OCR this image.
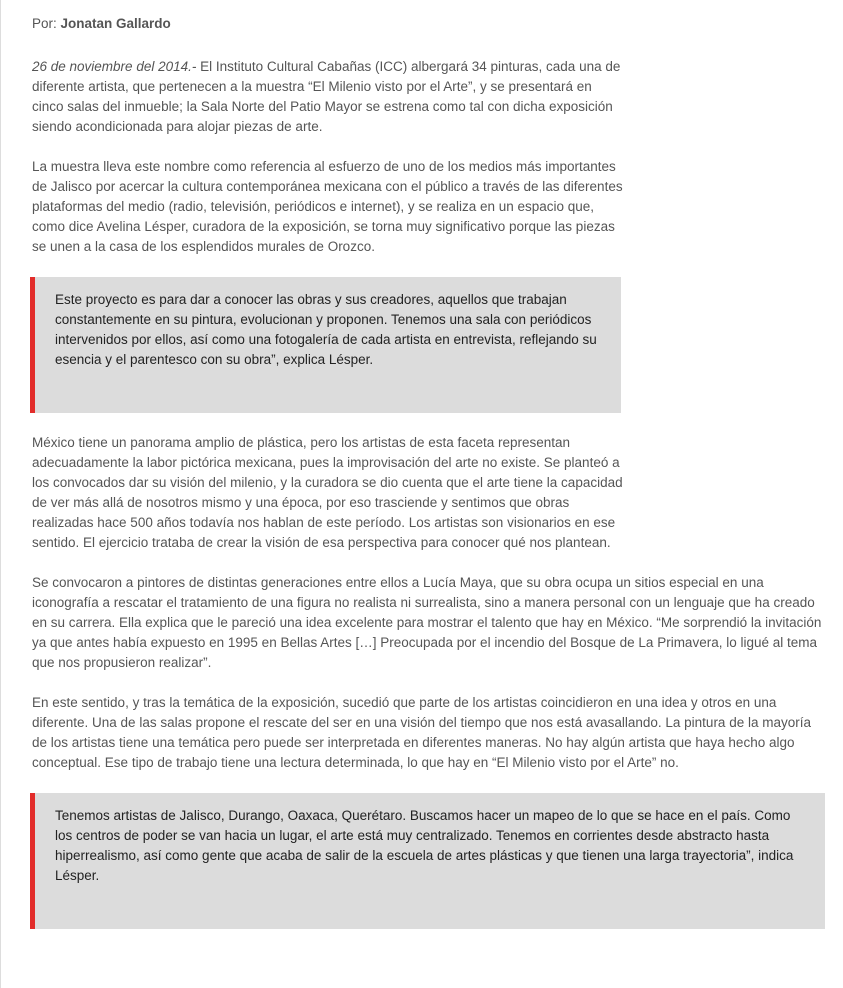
Por: Jonatan Gallardo

26 de noviembre del 2014.- El Instituto Cultural Cabañas (ICC) albergará 34 pinturas, cada una de diferente artista, que pertenecen a la muestra “El Milenio visto por el Arte”, y se presentará en cinco salas del inmueble; la Sala Norte del Patio Mayor se estrena como tal con dicha exposición siendo acondicionada para alojar piezas de arte.

La muestra lleva este nombre como referencia al esfuerzo de uno de los medios más importantes de Jalisco por acercar la cultura contemporánea mexicana con el público a través de las diferentes plataformas del medio (radio, televisión, periódicos e internet), y se realiza en un espacio que, como dice Avelina Lésper, curadora de la exposición, se torna muy significativo porque las piezas se unen a la casa de los esplendidos murales de Orozco.

Este proyecto es para dar a conocer las obras y sus creadores, aquellos que trabajan constantemente en su pintura, evolucionan y proponen. Tenemos una sala con periódicos intervenidos por ellos, así como una fotogalería de cada artista en entrevista, reflejando su esencia y el parentesco con su obra”, explica Lésper.

México tiene un panorama amplio de plástica, pero los artistas de esta faceta representan adecuadamente la labor pictórica mexicana, pues la improvisación del arte no existe. Se planteó a los convocados dar su visión del milenio, y la curadora se dio cuenta que el arte tiene la capacidad de ver más allá de nosotros mismo y una época, por eso trasciende y sentimos que obras realizadas hace 500 años todavía nos hablan de este período. Los artistas son visionarios en ese sentido. El ejercicio trataba de crear la visión de esa perspectiva para conocer qué nos plantean.

Se convocaron a pintores de distintas generaciones entre ellos a Lucía Maya, que su obra ocupa un sitios especial en una iconografía a rescatar el tratamiento de una figura no realista ni surrealista, sino a manera personal con un lenguaje que ha creado en su carrera. Ella explica que le pareció una idea excelente para mostrar el talento que hay en México. “Me sorprendió la invitación ya que antes había expuesto en 1995 en Bellas Artes […] Preocupada por el incendio del Bosque de La Primavera, lo ligué al tema que nos propusieron realizar”.

En este sentido, y tras la temática de la exposición, sucedió que parte de los artistas coincidieron en una idea y otros en una diferente. Una de las salas propone el rescate del ser en una visión del tiempo que nos está avasallando. La pintura de la mayoría de los artistas tiene una temática pero puede ser interpretada en diferentes maneras. No hay algún artista que haya hecho algo conceptual. Ese tipo de trabajo tiene una lectura determinada, lo que hay en “El Milenio visto por el Arte” no.

Tenemos artistas de Jalisco, Durango, Oaxaca, Querétaro. Buscamos hacer un mapeo de lo que se hace en el país. Como los centros de poder se van hacia un lugar, el arte está muy centralizado. Tenemos en corrientes desde abstracto hasta hiperrealismo, así como gente que acaba de salir de la escuela de artes plásticas y que tienen una larga trayectoria”, indica Lésper.
